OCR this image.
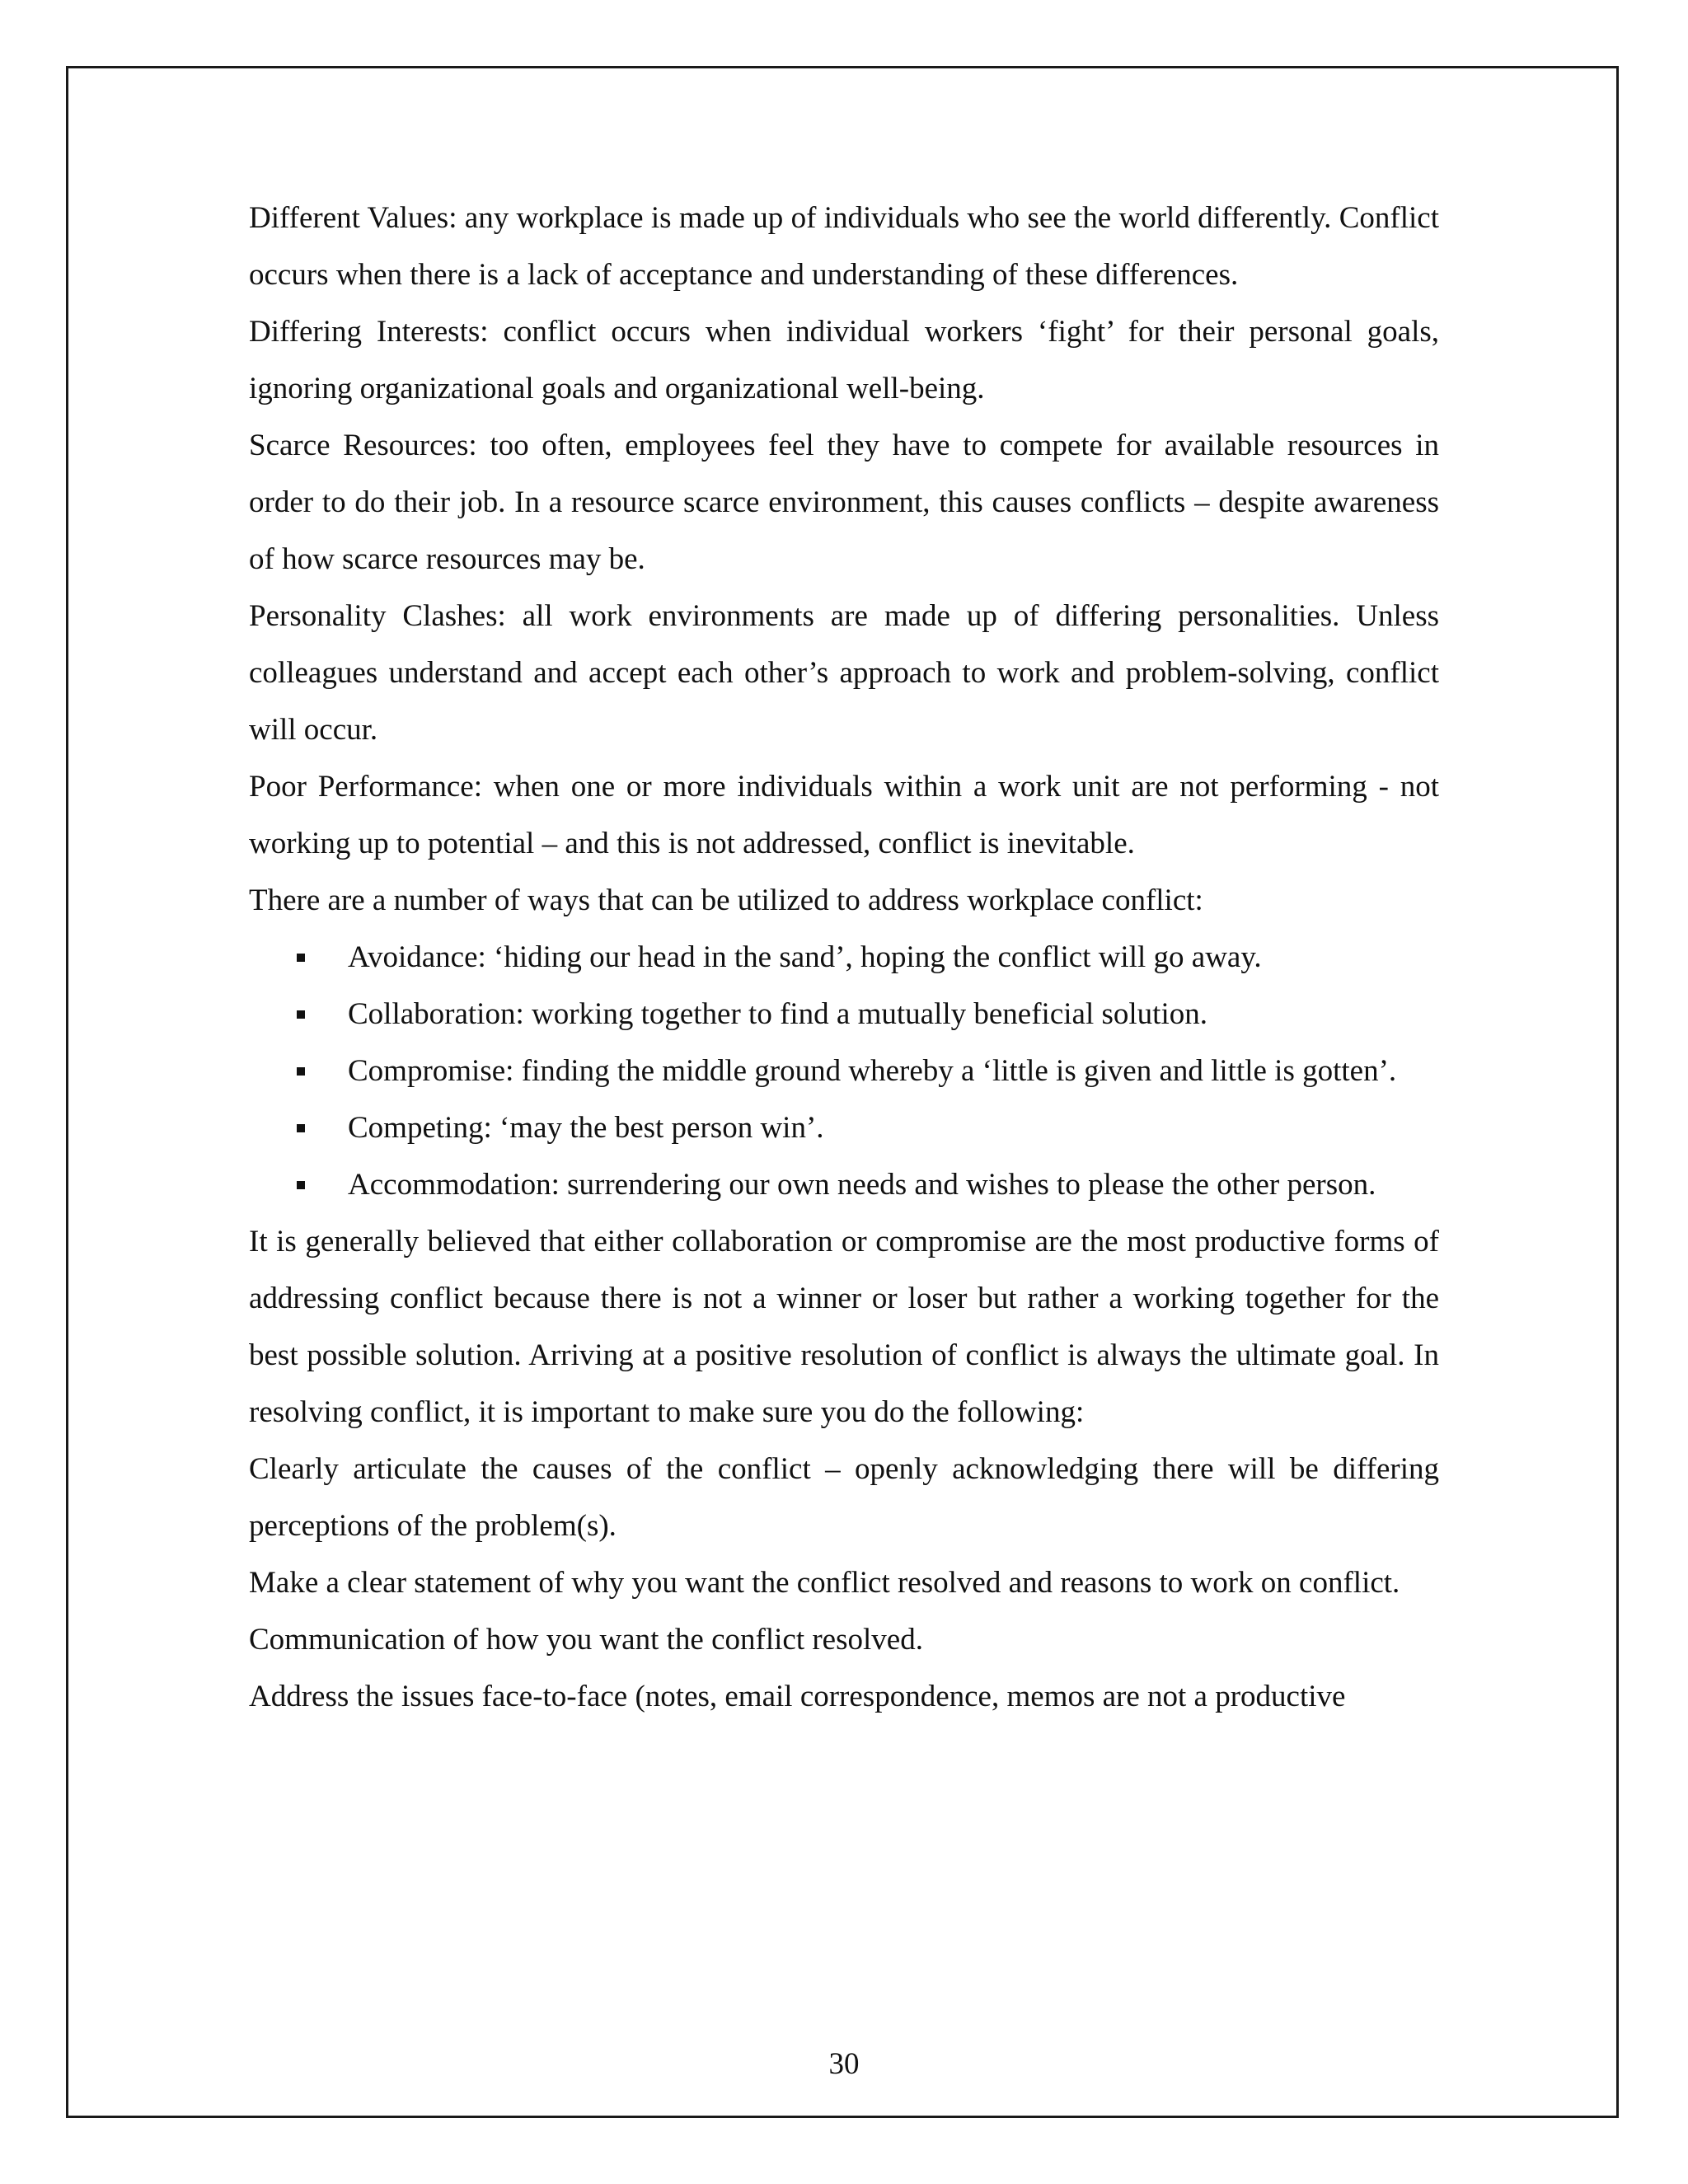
Different Values: any workplace is made up of individuals who see the world differently. Conflict occurs when there is a lack of acceptance and understanding of these differences.

Differing Interests: conflict occurs when individual workers ‘fight’ for their personal goals, ignoring organizational goals and organizational well-being.

Scarce Resources: too often, employees feel they have to compete for available resources in order to do their job. In a resource scarce environment, this causes conflicts – despite awareness of how scarce resources may be.

Personality Clashes: all work environments are made up of differing personalities. Unless colleagues understand and accept each other’s approach to work and problem-solving, conflict will occur.

Poor Performance: when one or more individuals within a work unit are not performing - not working up to potential – and this is not addressed, conflict is inevitable.

There are a number of ways that can be utilized to address workplace conflict:

Avoidance: ‘hiding our head in the sand’, hoping the conflict will go away.
Collaboration: working together to find a mutually beneficial solution.
Compromise: finding the middle ground whereby a ‘little is given and little is gotten’.
Competing: ‘may the best person win’.
Accommodation: surrendering our own needs and wishes to please the other person.

It is generally believed that either collaboration or compromise are the most productive forms of addressing conflict because there is not a winner or loser but rather a working together for the best possible solution. Arriving at a positive resolution of conflict is always the ultimate goal. In resolving conflict, it is important to make sure you do the following:

Clearly articulate the causes of the conflict – openly acknowledging there will be differing perceptions of the problem(s).

Make a clear statement of why you want the conflict resolved and reasons to work on conflict.

Communication of how you want the conflict resolved.

Address the issues face-to-face (notes, email correspondence, memos are not a productive

30
